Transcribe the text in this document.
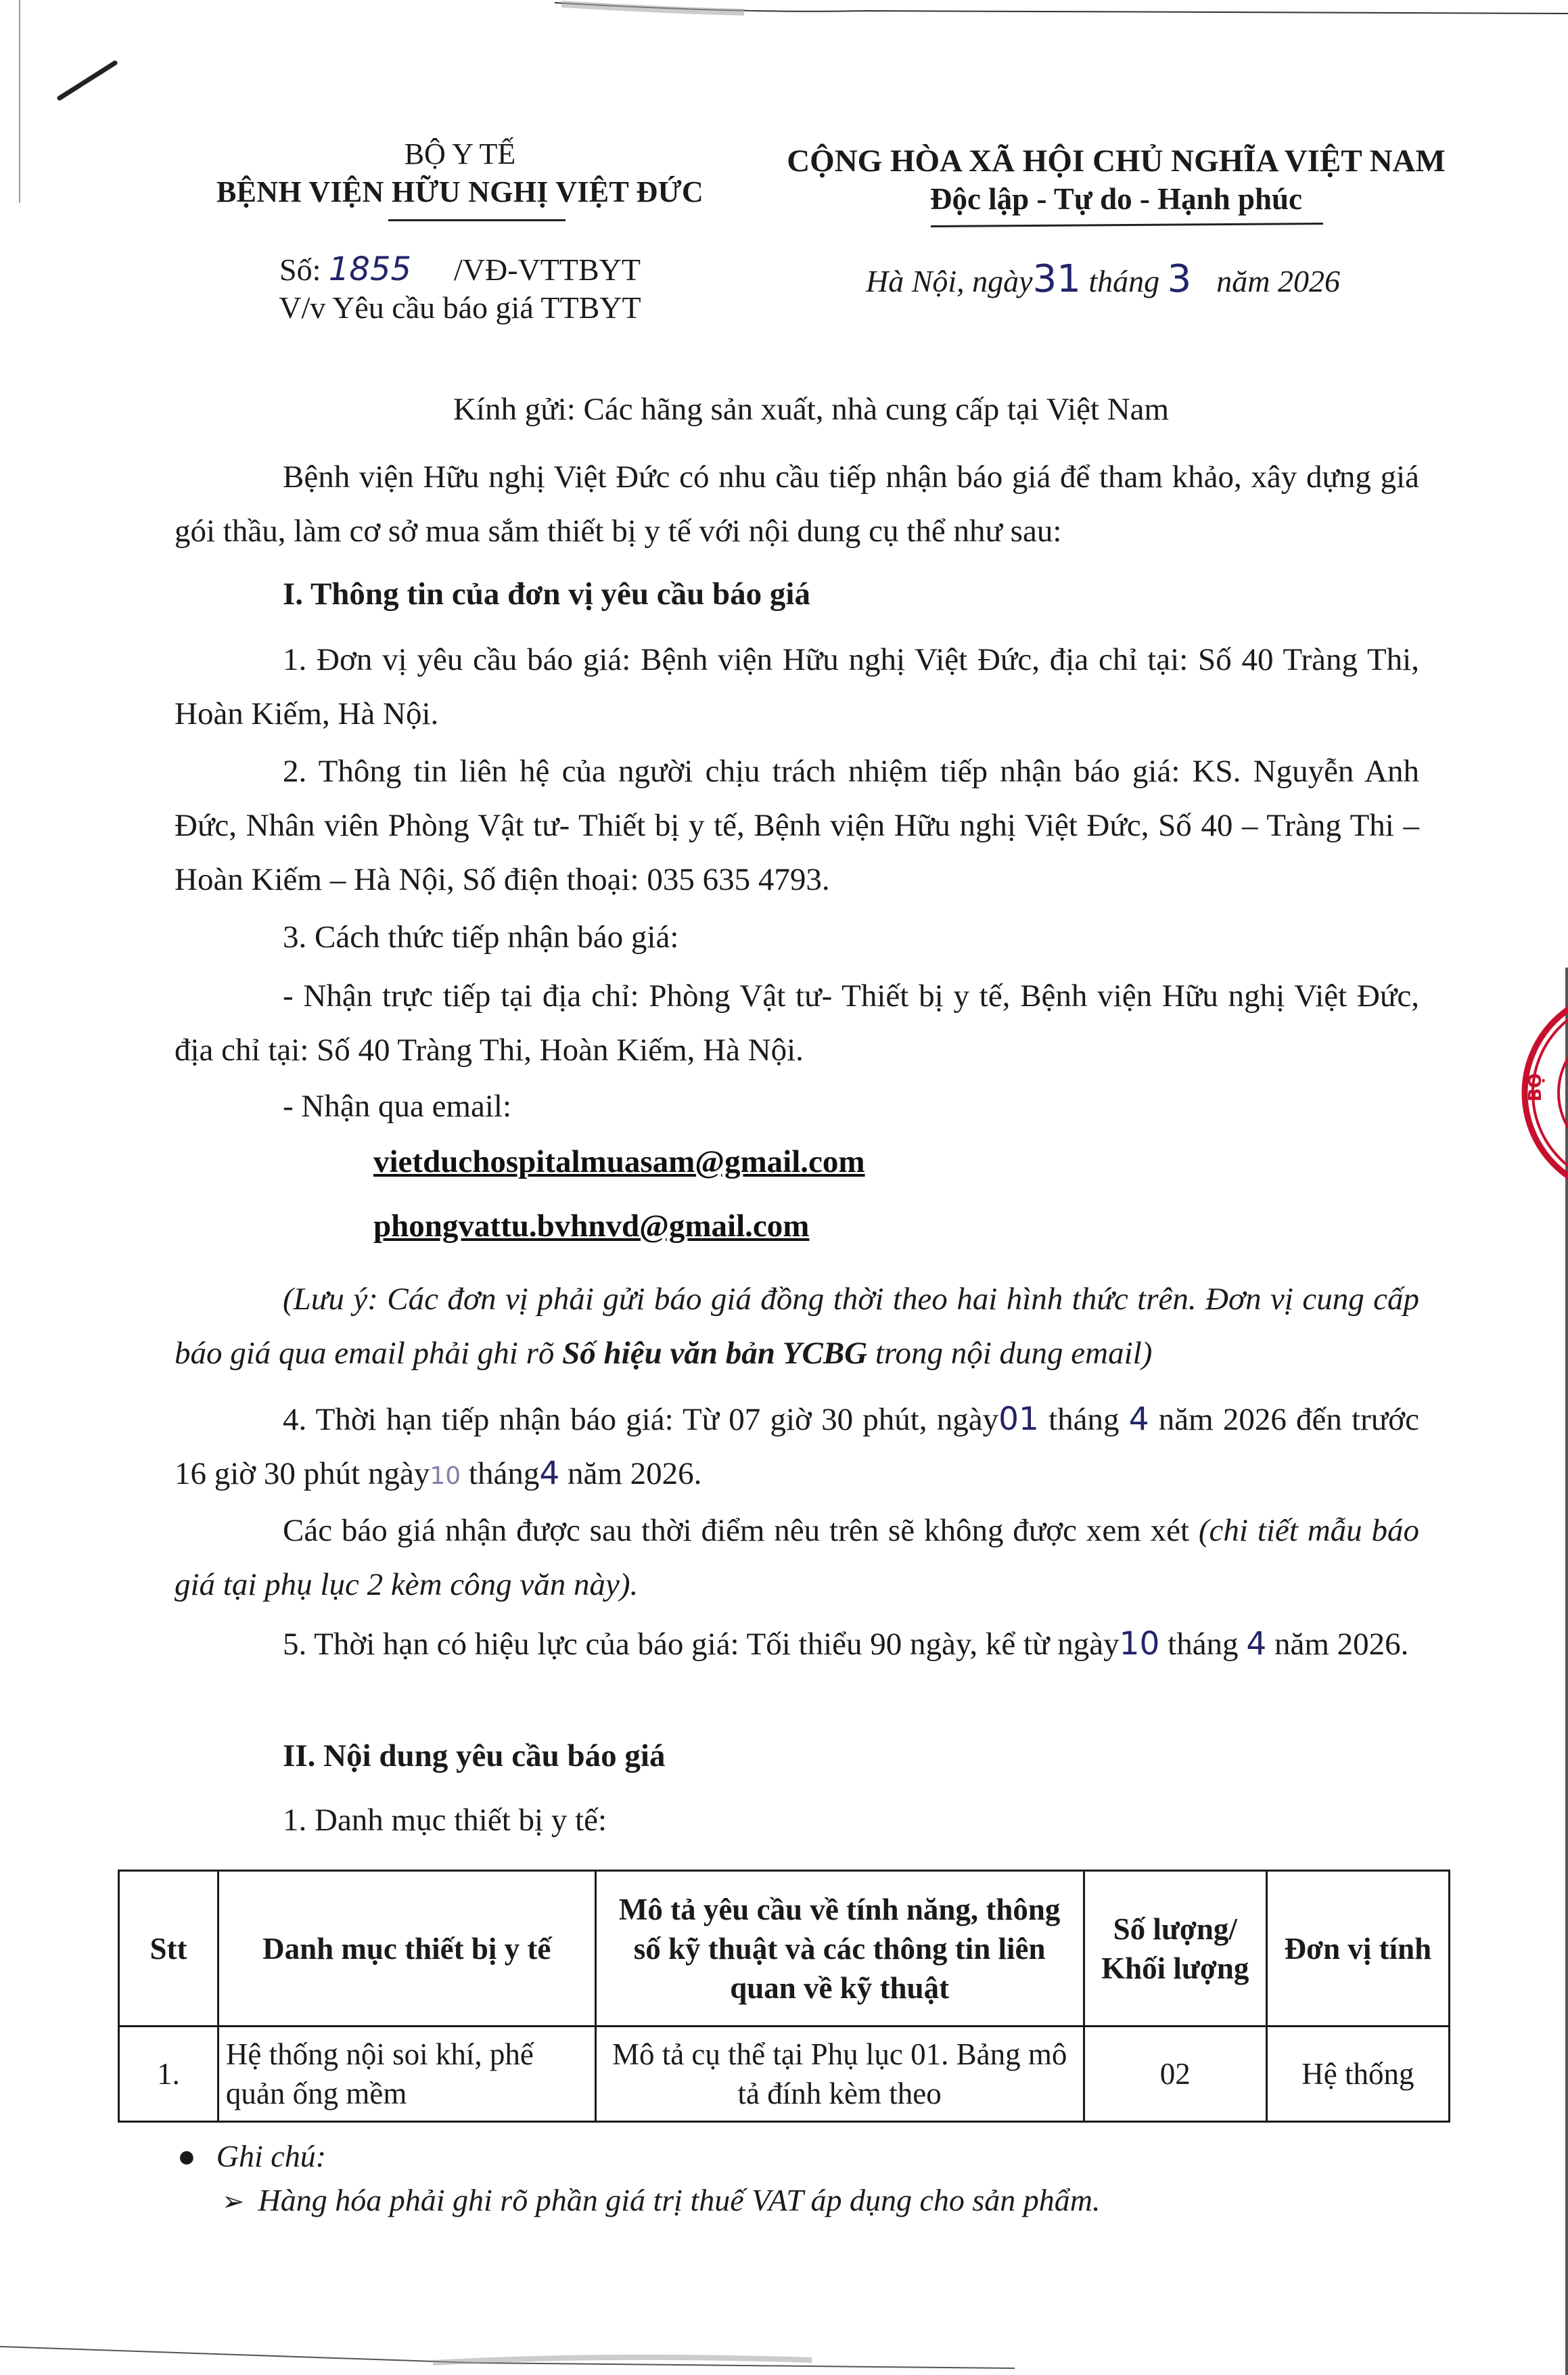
BỘ Y TẾ
BỆNH VIỆN HỮU NGHỊ VIỆT ĐỨC
Số: 1855 /VĐ-VTTBYT
V/v Yêu cầu báo giá TTBYT
CỘNG HÒA XÃ HỘI CHỦ NGHĨA VIỆT NAM
Độc lập - Tự do - Hạnh phúc
Hà Nội, ngày31 tháng 3 năm 2026
Kính gửi: Các hãng sản xuất, nhà cung cấp tại Việt Nam
Bệnh viện Hữu nghị Việt Đức có nhu cầu tiếp nhận báo giá để tham khảo, xây dựng giá gói thầu, làm cơ sở mua sắm thiết bị y tế với nội dung cụ thể như sau:
I. Thông tin của đơn vị yêu cầu báo giá
1. Đơn vị yêu cầu báo giá: Bệnh viện Hữu nghị Việt Đức, địa chỉ tại: Số 40 Tràng Thi, Hoàn Kiếm, Hà Nội.
2. Thông tin liên hệ của người chịu trách nhiệm tiếp nhận báo giá: KS. Nguyễn Anh Đức, Nhân viên Phòng Vật tư- Thiết bị y tế, Bệnh viện Hữu nghị Việt Đức, Số 40 – Tràng Thi – Hoàn Kiếm – Hà Nội, Số điện thoại: 035 635 4793.
3. Cách thức tiếp nhận báo giá:
- Nhận trực tiếp tại địa chỉ: Phòng Vật tư- Thiết bị y tế, Bệnh viện Hữu nghị Việt Đức, địa chỉ tại: Số 40 Tràng Thi, Hoàn Kiếm, Hà Nội.
- Nhận qua email:
vietduchospitalmuasam@gmail.com
phongvattu.bvhnvd@gmail.com
(Lưu ý: Các đơn vị phải gửi báo giá đồng thời theo hai hình thức trên. Đơn vị cung cấp báo giá qua email phải ghi rõ Số hiệu văn bản YCBG trong nội dung email)
4. Thời hạn tiếp nhận báo giá: Từ 07 giờ 30 phút, ngày01 tháng 4 năm 2026 đến trước 16 giờ 30 phút ngày10 tháng4 năm 2026.
Các báo giá nhận được sau thời điểm nêu trên sẽ không được xem xét (chi tiết mẫu báo giá tại phụ lục 2 kèm công văn này).
5. Thời hạn có hiệu lực của báo giá: Tối thiểu 90 ngày, kể từ ngày10 tháng 4 năm 2026.
II. Nội dung yêu cầu báo giá
1. Danh mục thiết bị y tế:
Stt	Danh mục thiết bị y tế	Mô tả yêu cầu về tính năng, thông số kỹ thuật và các thông tin liên quan về kỹ thuật	Số lượng/ Khối lượng	Đơn vị tính
1.	Hệ thống nội soi khí, phế quản ống mềm	Mô tả cụ thể tại Phụ lục 01. Bảng mô tả đính kèm theo	02	Hệ thống
● Ghi chú:
➢ Hàng hóa phải ghi rõ phần giá trị thuế VAT áp dụng cho sản phẩm.
BỘ
